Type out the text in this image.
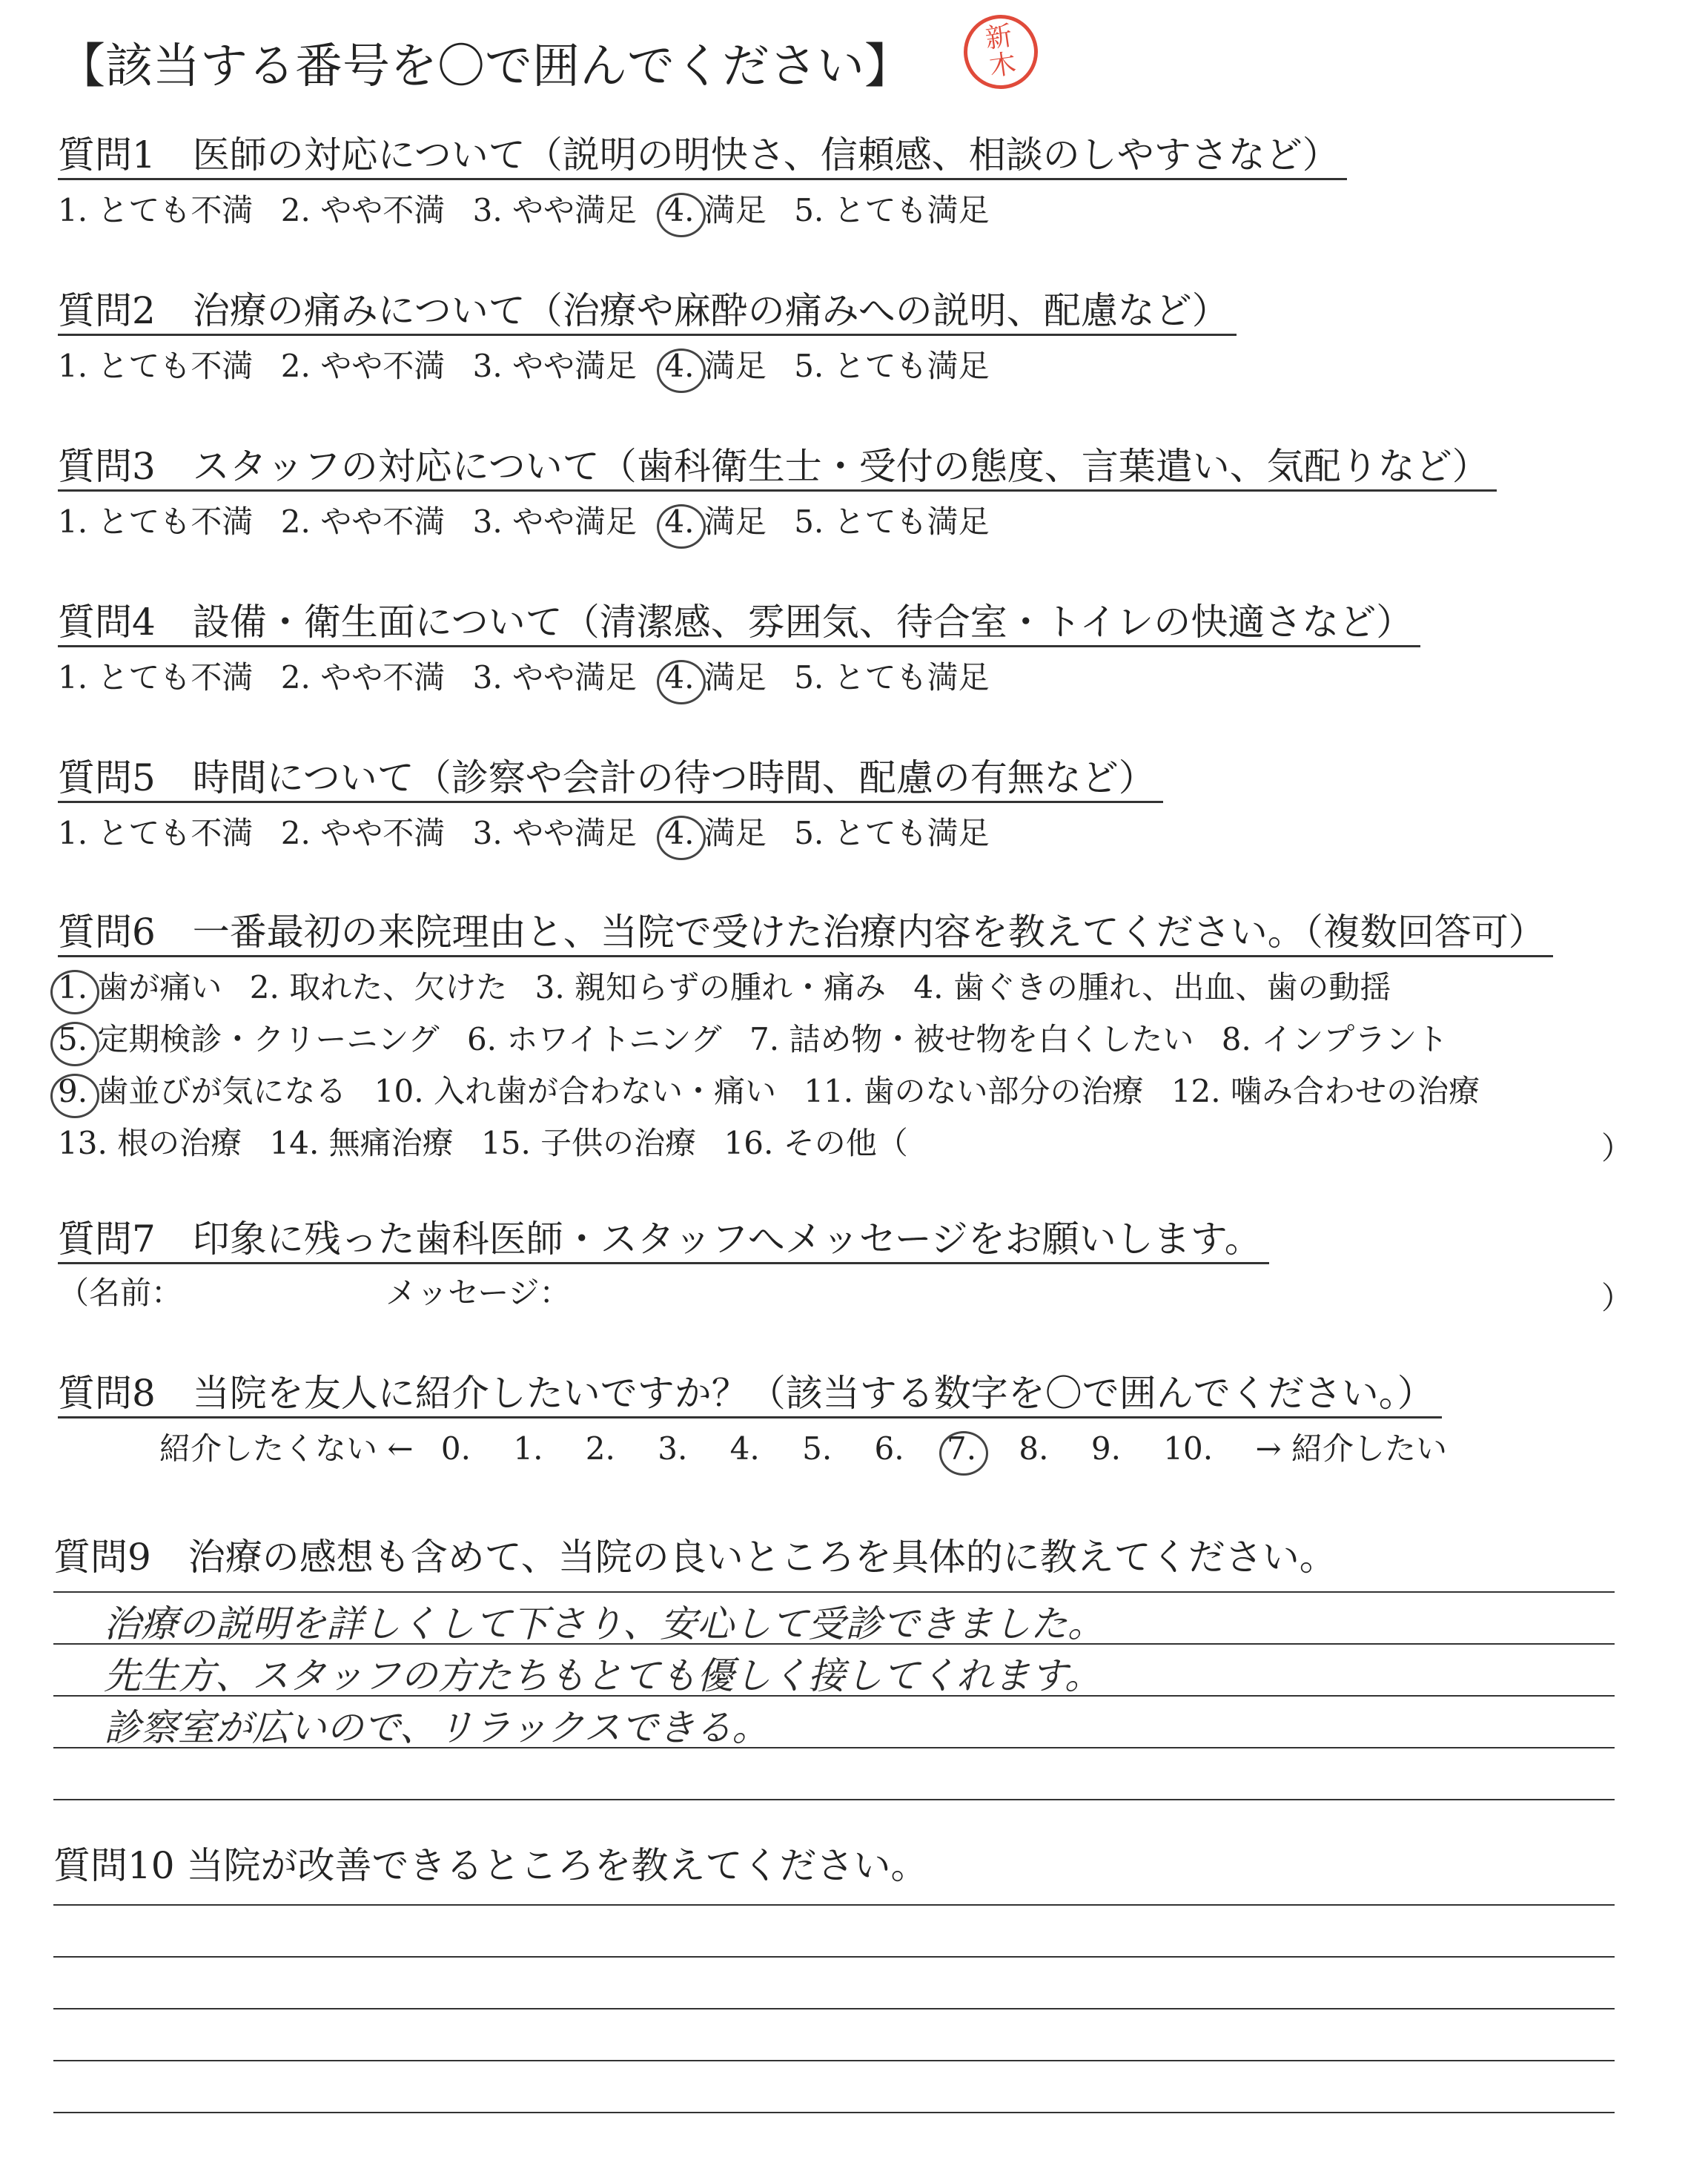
【該当する番号を〇で囲んでください】
新
木
質問1　医師の対応について（説明の明快さ、信頼感、相談のしやすさなど）
1. とても不満 2. やや不満 3. やや満足 4. 満足 5. とても満足
質問2　治療の痛みについて（治療や麻酔の痛みへの説明、配慮など）
1. とても不満 2. やや不満 3. やや満足 4. 満足 5. とても満足
質問3　スタッフの対応について（歯科衛生士・受付の態度、言葉遣い、気配りなど）
1. とても不満 2. やや不満 3. やや満足 4. 満足 5. とても満足
質問4　設備・衛生面について（清潔感、雰囲気、待合室・トイレの快適さなど）
1. とても不満 2. やや不満 3. やや満足 4. 満足 5. とても満足
質問5　時間について（診察や会計の待つ時間、配慮の有無など）
1. とても不満 2. やや不満 3. やや満足 4. 満足 5. とても満足
質問6　一番最初の来院理由と、当院で受けた治療内容を教えてください。（複数回答可）
1. 歯が痛い 2. 取れた、欠けた 3. 親知らずの腫れ・痛み 4. 歯ぐきの腫れ、出血、歯の動揺
5. 定期検診・クリーニング 6. ホワイトニング 7. 詰め物・被せ物を白くしたい 8. インプラント
9. 歯並びが気になる 10. 入れ歯が合わない・痛い 11. 歯のない部分の治療 12. 噛み合わせの治療
13. 根の治療 14. 無痛治療 15. 子供の治療 16. その他（	）
質問7　印象に残った歯科医師・スタッフへメッセージをお願いします。
（名前：	メッセージ：	）
質問8　当院を友人に紹介したいですか？（該当する数字を〇で囲んでください。）
紹介したくない ← 0. 1. 2. 3. 4. 5. 6. 7. 8. 9. 10. → 紹介したい
質問9　治療の感想も含めて、当院の良いところを具体的に教えてください。
治療の説明を詳しくして下さり、安心して受診できました。
先生方、スタッフの方たちもとても優しく接してくれます。
診察室が広いので、リラックスできる。
質問10 当院が改善できるところを教えてください。
